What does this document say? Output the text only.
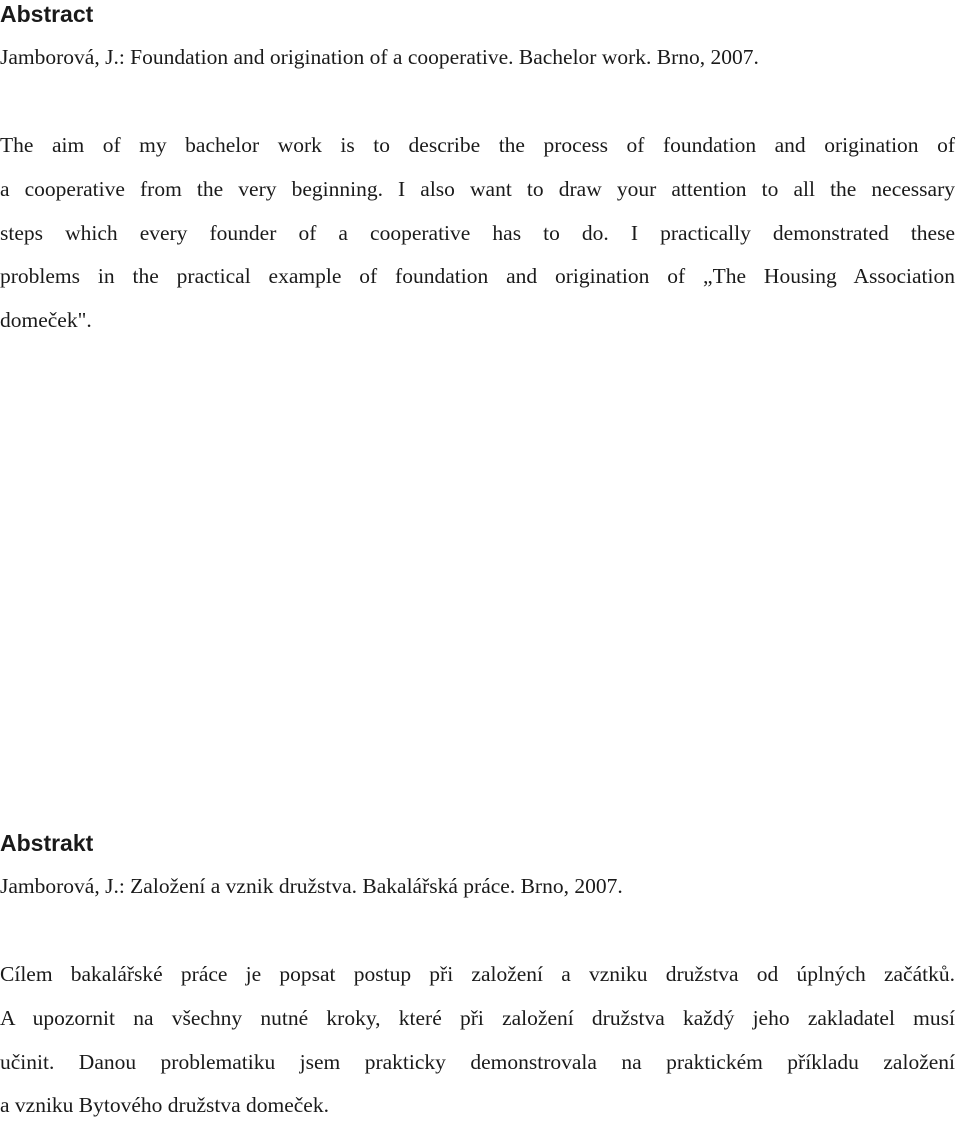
Abstract

Jamborová, J.: Foundation and origination of a cooperative. Bachelor work. Brno, 2007.

The aim of my bachelor work is to describe the process of foundation and origination of

a cooperative from the very beginning. I also want to draw your attention to all the necessary

steps which every founder of a cooperative has to do. I practically demonstrated these

problems in the practical example of foundation and origination of „The Housing Association

domeček".

Abstrakt

Jamborová, J.: Založení a vznik družstva. Bakalářská práce. Brno, 2007.

Cílem bakalářské práce je popsat postup při založení a vzniku družstva od úplných začátků.

A upozornit na všechny nutné kroky, které při založení družstva každý jeho zakladatel musí

učinit. Danou problematiku jsem prakticky demonstrovala na praktickém příkladu založení

a vzniku Bytového družstva domeček.
